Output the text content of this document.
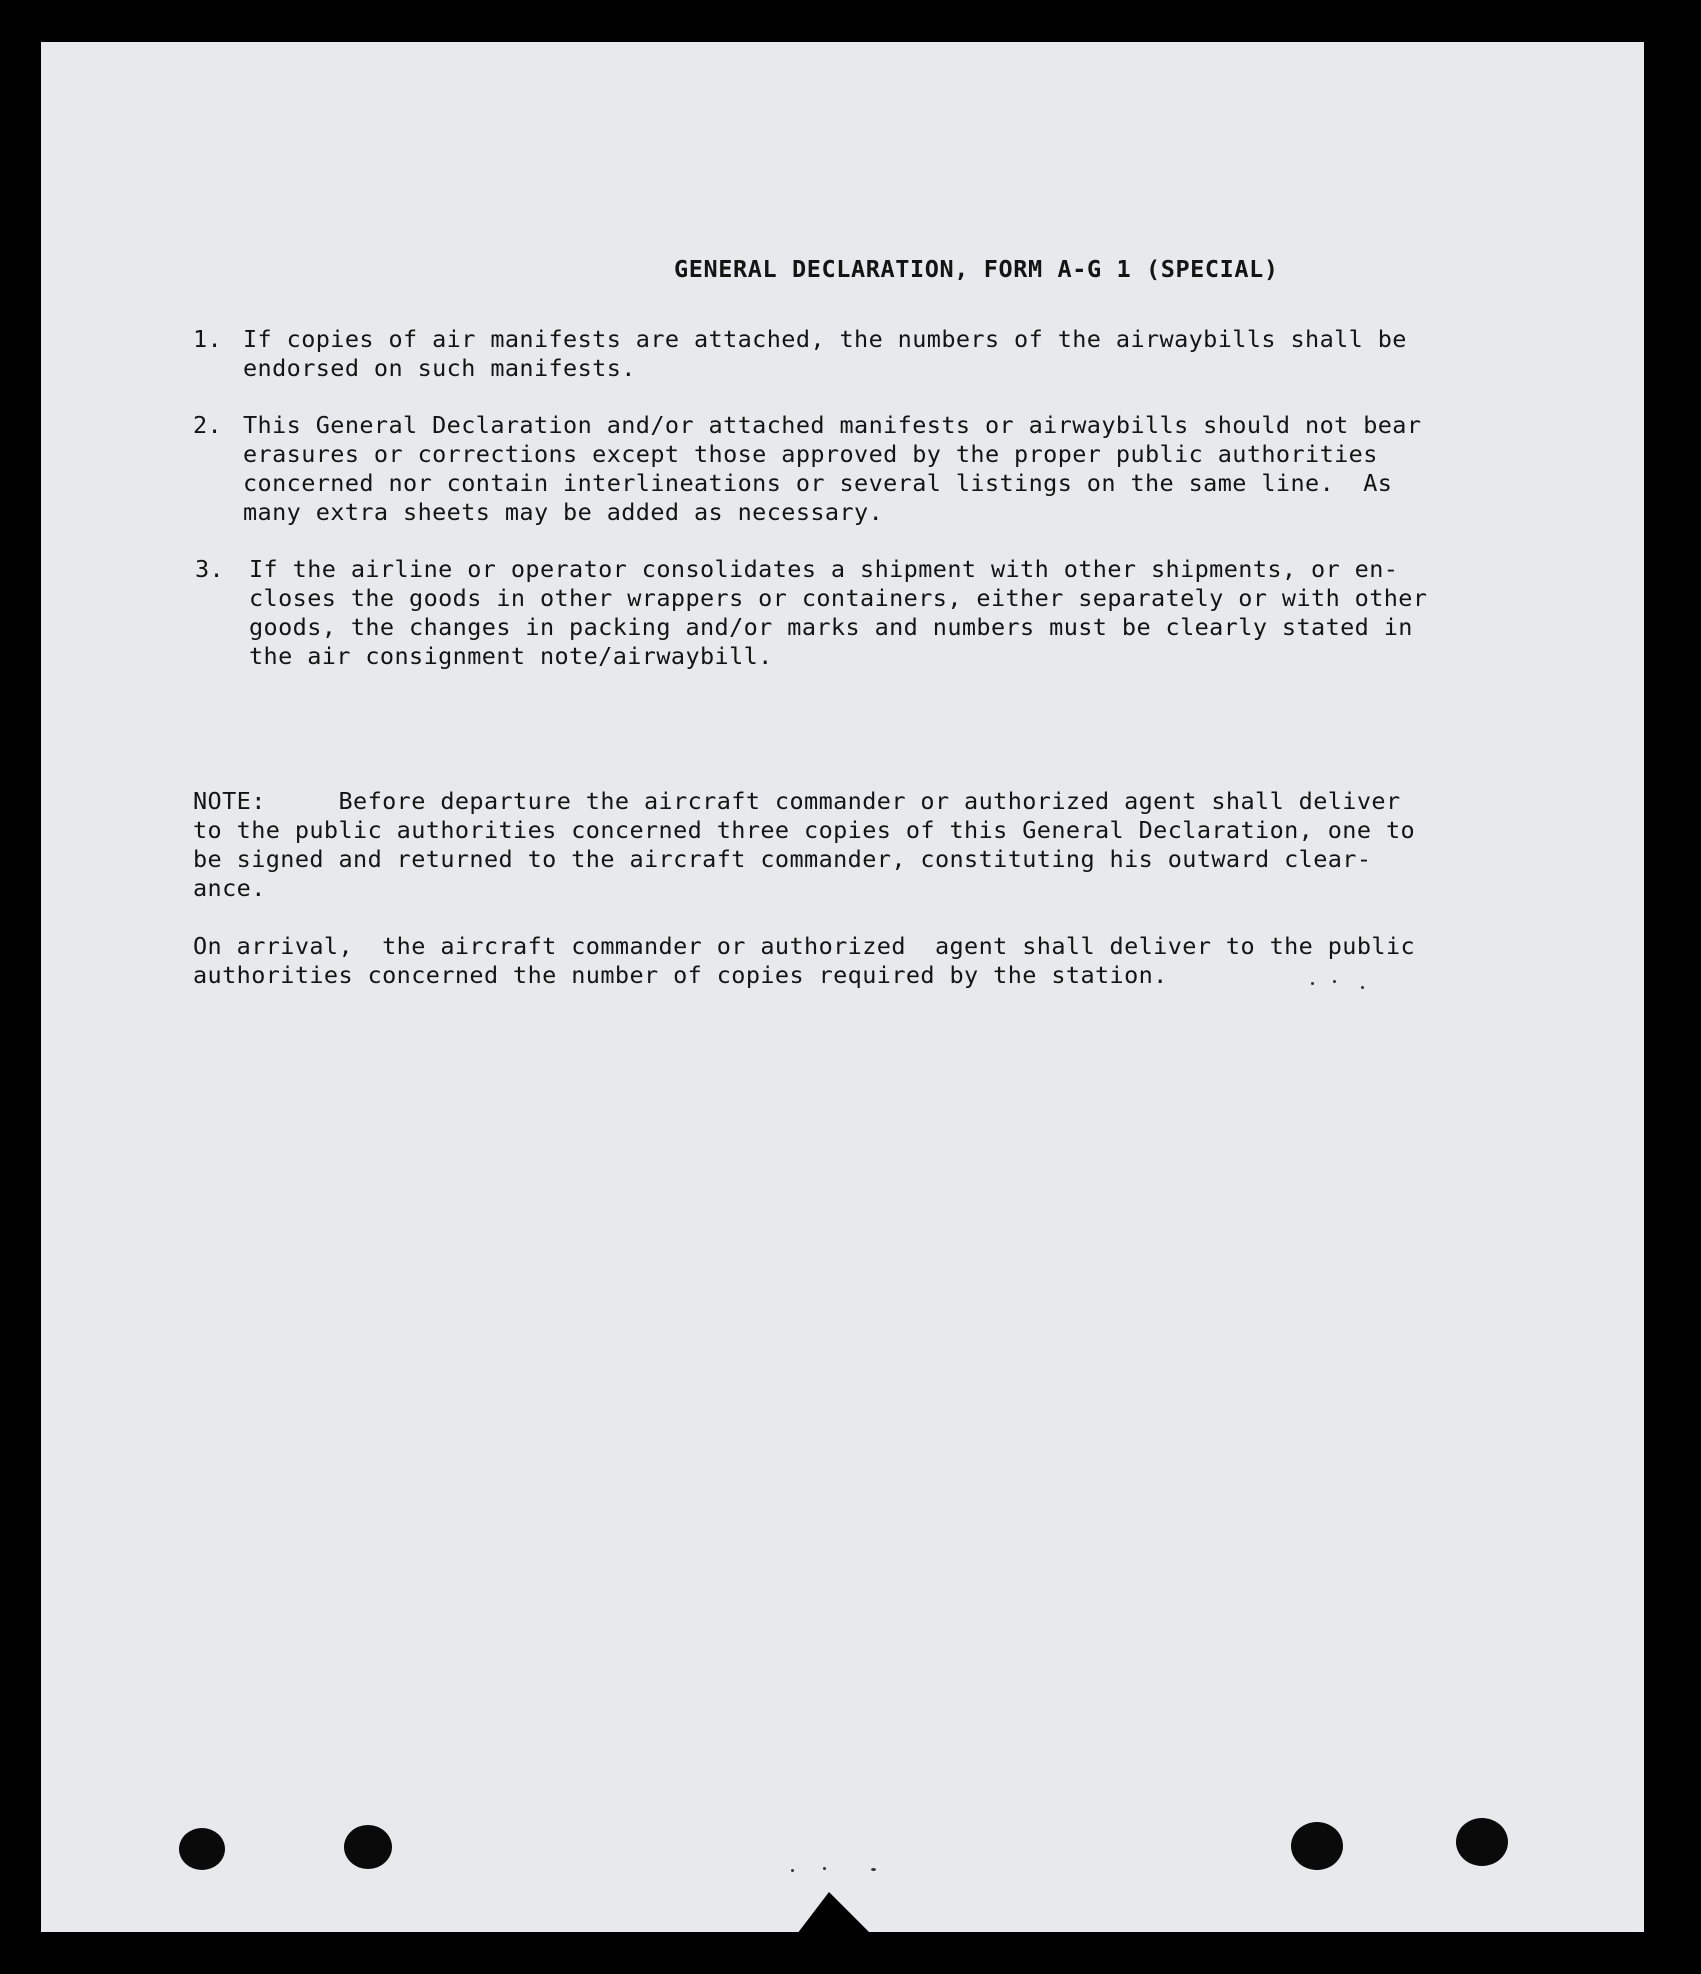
GENERAL DECLARATION, FORM A-G 1 (SPECIAL)
1. If copies of air manifests are attached, the numbers of the airwaybills shall be
endorsed on such manifests.
2. This General Declaration and/or attached manifests or airwaybills should not bear
erasures or corrections except those approved by the proper public authorities
concerned nor contain interlineations or several listings on the same line.  As
many extra sheets may be added as necessary.
3. If the airline or operator consolidates a shipment with other shipments, or en-
closes the goods in other wrappers or containers, either separately or with other
goods, the changes in packing and/or marks and numbers must be clearly stated in
the air consignment note/airwaybill.
NOTE:     Before departure the aircraft commander or authorized agent shall deliver
to the public authorities concerned three copies of this General Declaration, one to
be signed and returned to the aircraft commander, constituting his outward clear-
ance.
On arrival,  the aircraft commander or authorized  agent shall deliver to the public
authorities concerned the number of copies required by the station.
